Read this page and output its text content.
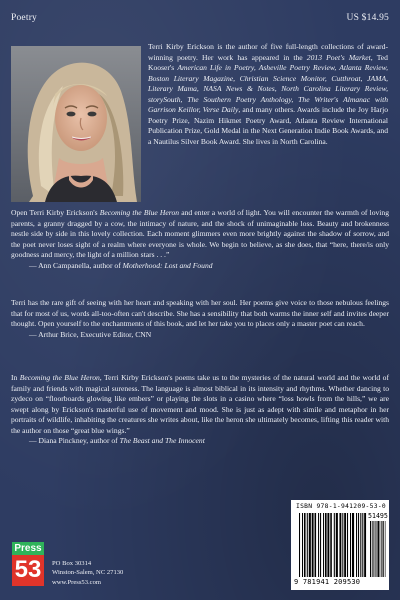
Poetry	US $14.95
Terri Kirby Erickson is the author of five full-length collections of award-winning poetry. Her work has appeared in the 2013 Poet's Market, Ted Kooser's American Life in Poetry, Asheville Poetry Review, Atlanta Review, Boston Literary Magazine, Christian Science Monitor, Cutthroat, JAMA, Literary Mama, NASA News & Notes, North Carolina Literary Review, storySouth, The Southern Poetry Anthology, The Writer's Almanac with Garrison Keillor, Verse Daily, and many others. Awards include the Joy Harjo Poetry Prize, Nazim Hikmet Poetry Award, Atlanta Review International Publication Prize, Gold Medal in the Next Generation Indie Book Awards, and a Nautilus Silver Book Award. She lives in North Carolina.
Open Terri Kirby Erickson's Becoming the Blue Heron and enter a world of light. You will encounter the warmth of loving parents, a granny dragged by a cow, the intimacy of nature, and the shock of unimaginable loss. Beauty and brokenness nestle side by side in this lovely collection. Each moment glimmers even more brightly against the shadow of sorrow, and the poet never loses sight of a realm where everyone is whole. We begin to believe, as she does, that “here, there/is only goodness and mercy, the light of a million stars . . .”
— Ann Campanella, author of Motherhood: Lost and Found
Terri has the rare gift of seeing with her heart and speaking with her soul. Her poems give voice to those nebulous feelings that for most of us, words all-too-often can't describe. She has a sensibility that both warms the inner self and invites deeper thought. Open yourself to the enchantments of this book, and let her take you to places only a master poet can reach.
— Arthur Brice, Executive Editor, CNN
In Becoming the Blue Heron, Terri Kirby Erickson's poems take us to the mysteries of the natural world and the world of family and friends with magical sureness. The language is almost biblical in its intensity and rhythms. Whether dancing to zydeco on “floorboards glowing like embers” or playing the slots in a casino where “loss howls from the hills,” we are swept along by Erickson's masterful use of movement and mood. She is just as adept with simile and metaphor in her portraits of wildlife, inhabiting the creatures she writes about, like the heron she ultimately becomes, lifting this reader with the author on those “great blue wings.”
— Diana Pinckney, author of The Beast and The Innocent
Press
53	PO Box 30314
Winston-Salem, NC 27130
www.Press53.com
ISBN 978-1-941209-53-0
51495
9 781941 209530
